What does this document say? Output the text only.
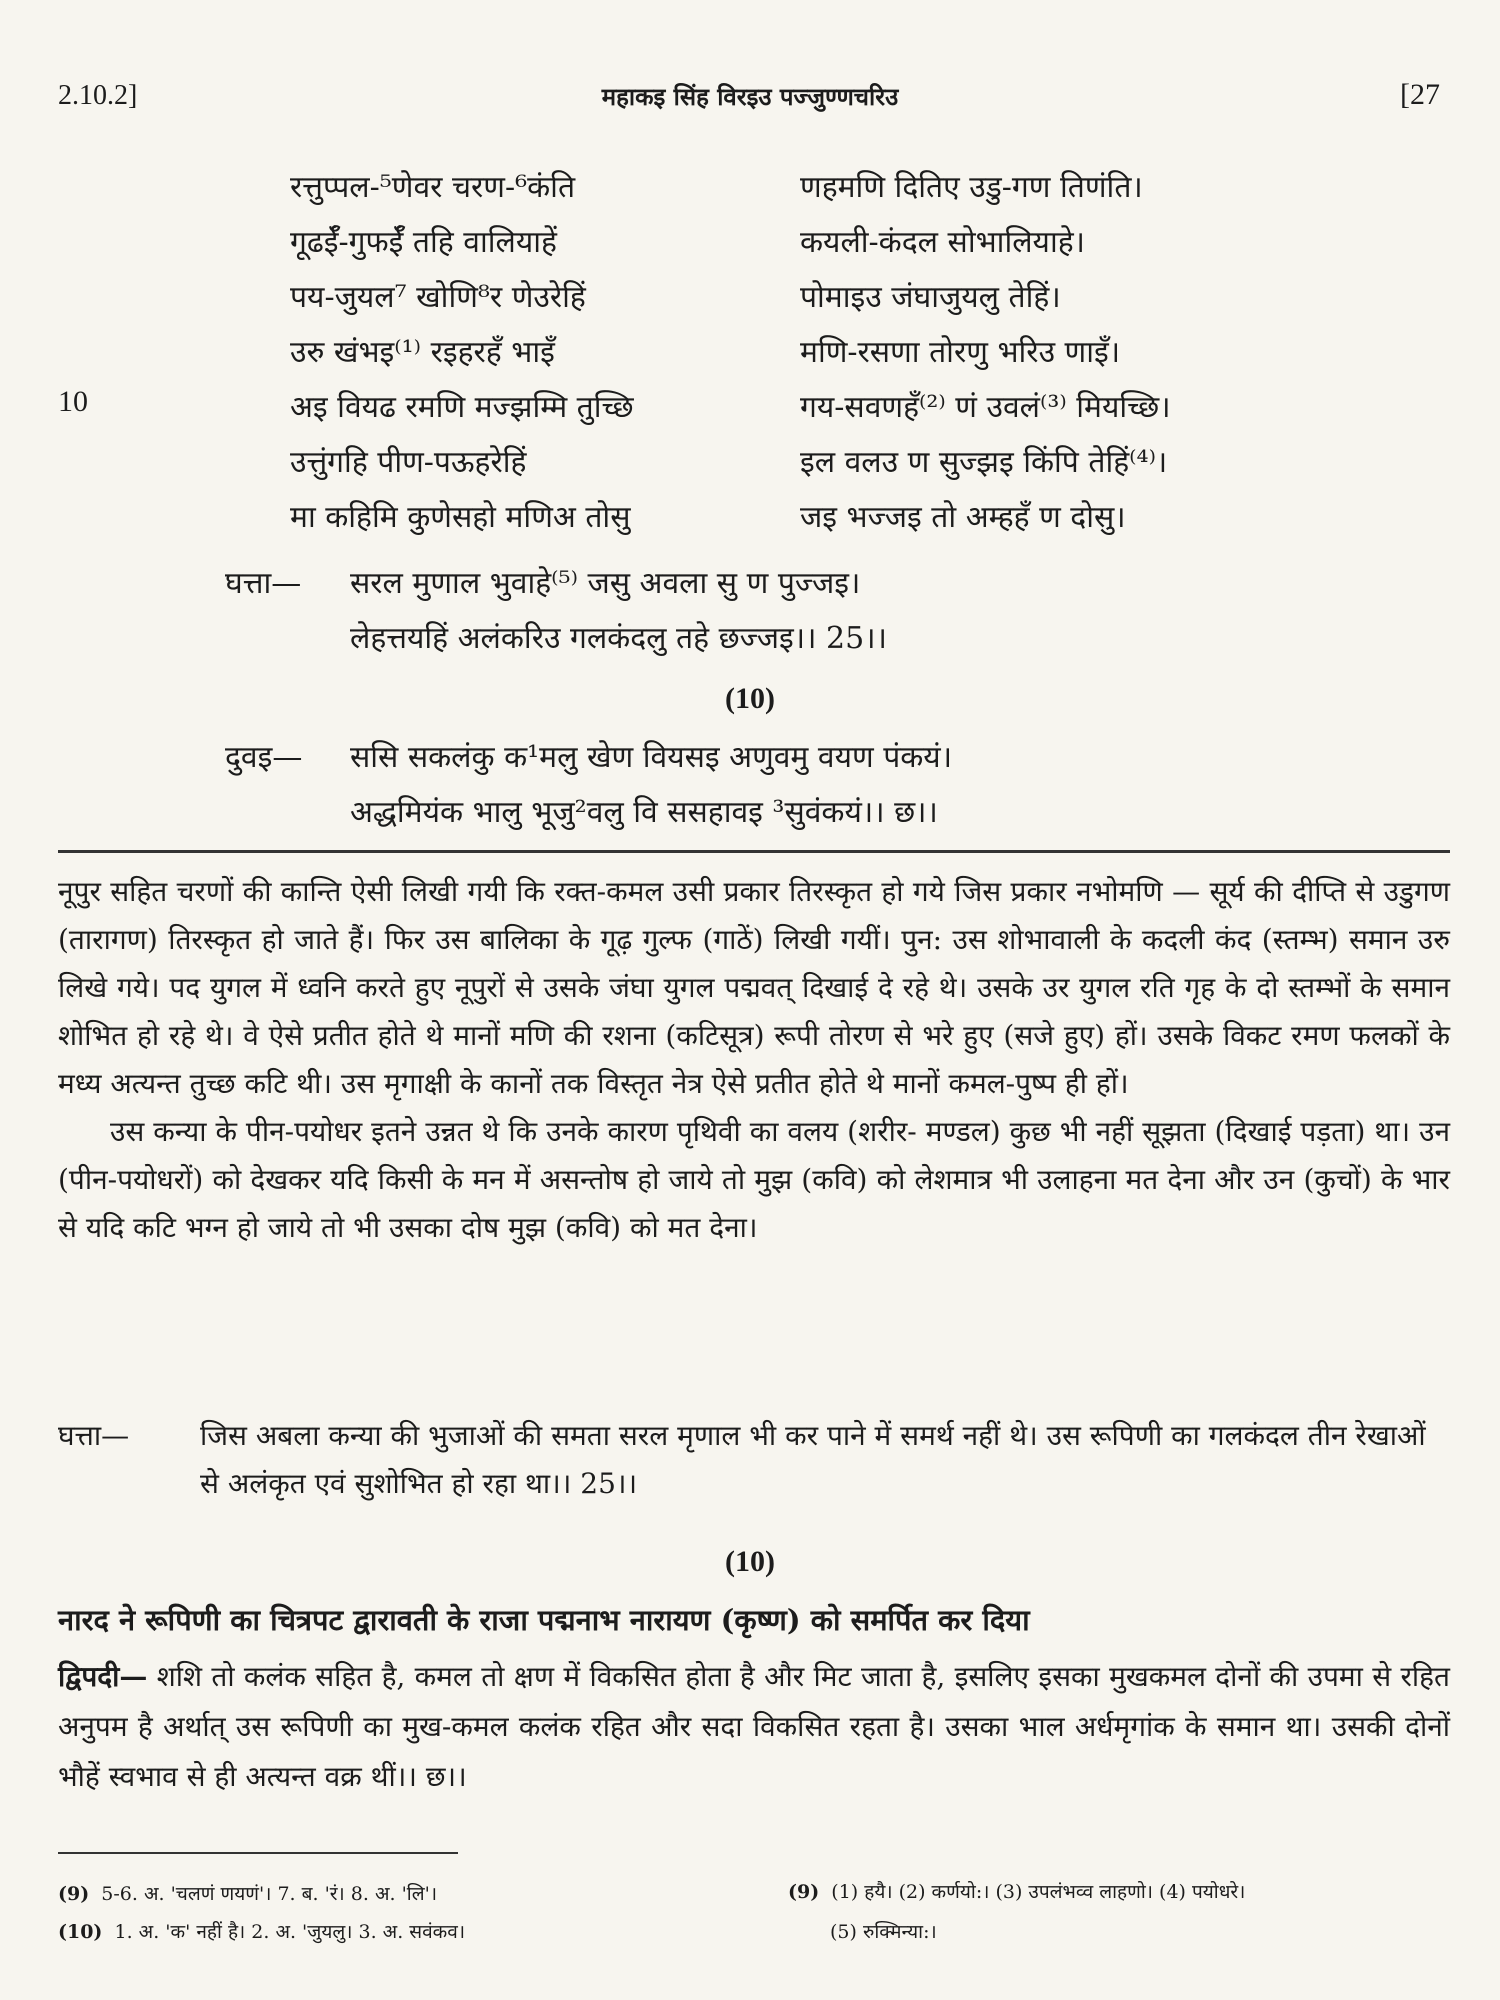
2.10.2]	महाकइ सिंह विरइउ पज्जुण्णचरिउ	[27
10
रत्तुप्पल-⁵णेवर चरण-⁶कंति	णहमणि दितिए उडु-गण तिणंति।
गूढईँ-गुफईँ तहि वालियाहें	कयली-कंदल सोभालियाहे।
पय-जुयल⁷ खोणि⁸र णेउरेहिं	पोमाइउ जंघाजुयलु तेहिं।
उरु खंभइ⁽¹⁾ रइहरहँ भाइँ	मणि-रसणा तोरणु भरिउ णाइँ।
अइ वियढ रमणि मज्झम्मि तुच्छि	गय-सवणहँ⁽²⁾ णं उवलं⁽³⁾ मियच्छि।
उत्तुंगहि पीण-पऊहरेहिं	इल वलउ ण सुज्झइ किंपि तेहिं⁽⁴⁾।
मा कहिमि कुणेसहो मणिअ तोसु	जइ भज्जइ तो अम्हहँ ण दोसु।
घत्ता— सरल मुणाल भुवाहे⁽⁵⁾ जसु अवला सु ण पुज्जइ।
लेहत्तयहिं अलंकरिउ गलकंदलु तहे छज्जइ।। 25।।
(10)
दुवइ— ससि सकलंकु क¹मलु खेण वियसइ अणुवमु वयण पंकयं।
अद्धमियंक भालु भूजु²वलु वि ससहावइ ³सुवंकयं।। छ।।

नूपुर सहित चरणों की कान्ति ऐसी लिखी गयी कि रक्त-कमल उसी प्रकार तिरस्कृत हो गये जिस प्रकार नभोमणि — सूर्य की दीप्ति से उडुगण (तारागण) तिरस्कृत हो जाते हैं। फिर उस बालिका के गूढ़ गुल्फ (गाठें) लिखी गयीं। पुन: उस शोभावाली के कदली कंद (स्तम्भ) समान उरु लिखे गये। पद युगल में ध्वनि करते हुए नूपुरों से उसके जंघा युगल पद्मवत् दिखाई दे रहे थे। उसके उर युगल रति गृह के दो स्तम्भों के समान शोभित हो रहे थे। वे ऐसे प्रतीत होते थे मानों मणि की रशना (कटिसूत्र) रूपी तोरण से भरे हुए (सजे हुए) हों। उसके विकट रमण फलकों के मध्य अत्यन्त तुच्छ कटि थी। उस मृगाक्षी के कानों तक विस्तृत नेत्र ऐसे प्रतीत होते थे मानों कमल-पुष्प ही हों।

उस कन्या के पीन-पयोधर इतने उन्नत थे कि उनके कारण पृथिवी का वलय (शरीर- मण्डल) कुछ भी नहीं सूझता (दिखाई पड़ता) था। उन (पीन-पयोधरों) को देखकर यदि किसी के मन में असन्तोष हो जाये तो मुझ (कवि) को लेशमात्र भी उलाहना मत देना और उन (कुचों) के भार से यदि कटि भग्न हो जाये तो भी उसका दोष मुझ (कवि) को मत देना।

घत्ता—	जिस अबला कन्या की भुजाओं की समता सरल मृणाल भी कर पाने में समर्थ नहीं थे। उस रूपिणी का गलकंदल तीन रेखाओं से अलंकृत एवं सुशोभित हो रहा था।। 25।।
(10)
नारद ने रूपिणी का चित्रपट द्वारावती के राजा पद्मनाभ नारायण (कृष्ण) को समर्पित कर दिया
द्विपदी— शशि तो कलंक सहित है, कमल तो क्षण में विकसित होता है और मिट जाता है, इसलिए इसका मुखकमल दोनों की उपमा से रहित अनुपम है अर्थात् उस रूपिणी का मुख-कमल कलंक रहित और सदा विकसित रहता है। उसका भाल अर्धमृगांक के समान था। उसकी दोनों भौहें स्वभाव से ही अत्यन्त वक्र थीं।। छ।।
(9) 5-6. अ. 'चलणं णयणं'। 7. ब. 'रं। 8. अ. 'लि'।
(10) 1. अ. 'क' नहीं है। 2. अ. 'जुयलु। 3. अ. सवंकव।
(9) (1) हयै। (2) कर्णयो:। (3) उपलंभव्व लाहणो। (4) पयोधरे।
(5) रुक्मिन्या:।
